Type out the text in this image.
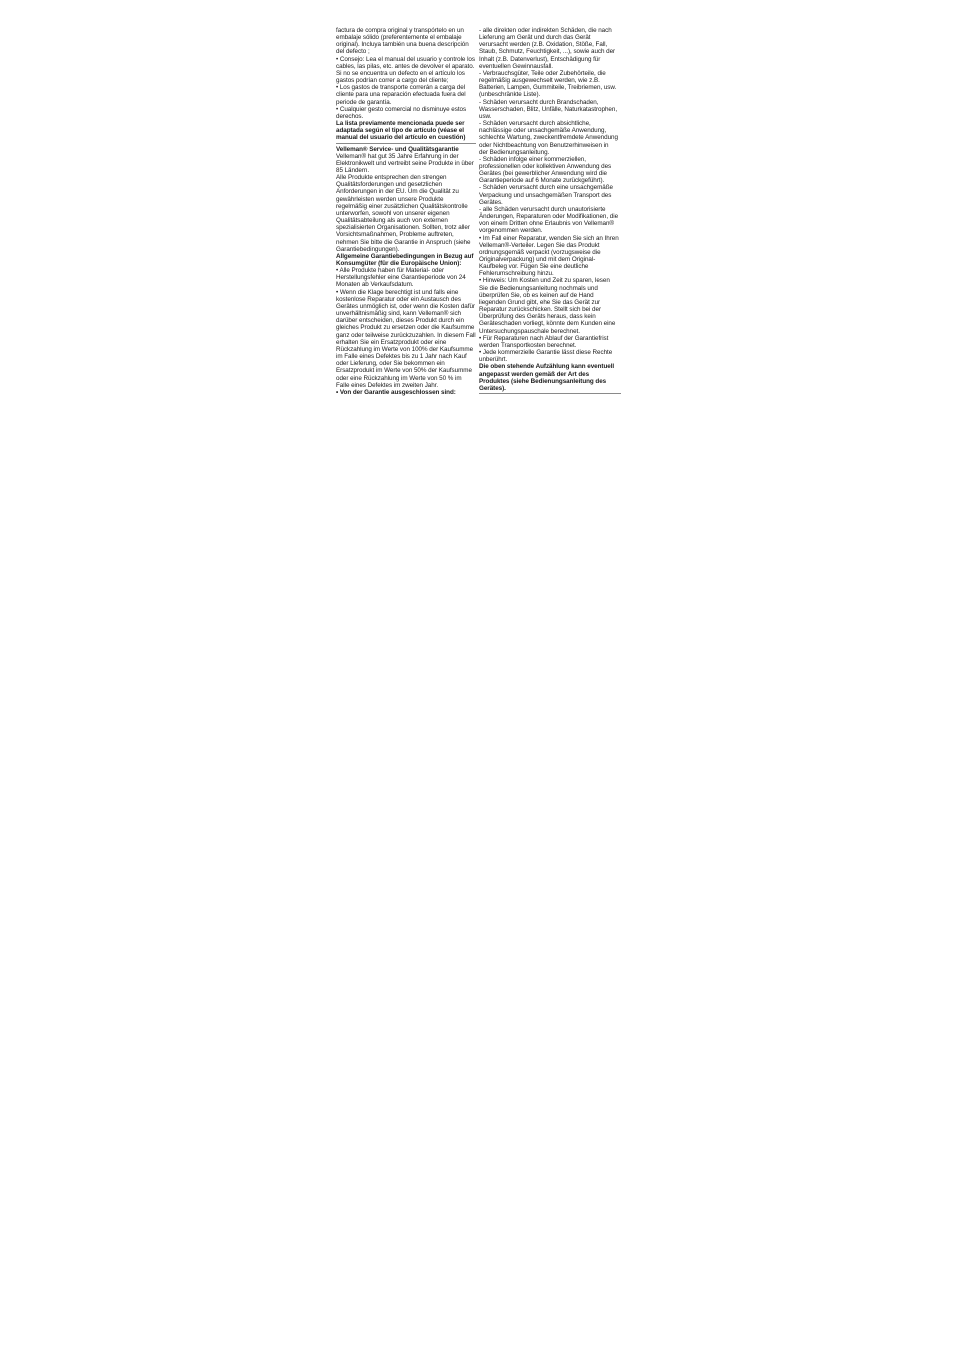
factura de compra original y transpórtelo en un embalaje sólido (preferentemente el embalaje original). Incluya también una buena descripción del defecto ;

• Consejo: Lea el manual del usuario y controle los cables, las pilas, etc. antes de devolver el aparato. Si no se encuentra un defecto en el artículo los gastos podrían correr a cargo del cliente;

• Los gastos de transporte correrán a carga del cliente para una reparación efectuada fuera del periode de garantía.

• Cualquier gesto comercial no disminuye estos derechos.

La lista previamente mencionada puede ser adaptada según el tipo de artículo (véase el manual del usuario del artículo en cuestión)

Velleman® Service- und Qualitätsgarantie

Velleman® hat gut 35 Jahre Erfahrung in der Elektronikwelt und vertreibt seine Produkte in über 85 Ländern.

Alle Produkte entsprechen den strengen Qualitätsforderungen und gesetzlichen Anforderungen in der EU. Um die Qualität zu gewährleisten werden unsere Produkte regelmäßig einer zusätzlichen Qualitätskontrolle unterworfen, sowohl von unserer eigenen Qualitätsabteilung als auch von externen spezialisierten Organisationen. Sollten, trotz aller Vorsichtsmaßnahmen, Probleme auftreten, nehmen Sie bitte die Garantie in Anspruch (siehe Garantiebedingungen).

Allgemeine Garantiebedingungen in Bezug auf Konsumgüter (für die Europäische Union):

• Alle Produkte haben für Material- oder Herstellungsfehler eine Garantieperiode von 24 Monaten ab Verkaufsdatum.

• Wenn die Klage berechtigt ist und falls eine kostenlose Reparatur oder ein Austausch des Gerätes unmöglich ist, oder wenn die Kosten dafür unverhältnismäßig sind, kann Velleman® sich darüber entscheiden, dieses Produkt durch ein gleiches Produkt zu ersetzen oder die Kaufsumme ganz oder teilweise zurückzuzahlen. In diesem Fall erhalten Sie ein Ersatzprodukt oder eine Rückzahlung im Werte von 100% der Kaufsumme im Falle eines Defektes bis zu 1 Jahr nach Kauf oder Lieferung, oder Sie bekommen ein Ersatzprodukt im Werte von 50% der Kaufsumme oder eine Rückzahlung im Werte von 50 % im Falle eines Defektes im zweiten Jahr.

• Von der Garantie ausgeschlossen sind:

- alle direkten oder indirekten Schäden, die nach Lieferung am Gerät und durch das Gerät verursacht werden (z.B. Oxidation, Stöße, Fall, Staub, Schmutz, Feuchtigkeit, ...), sowie auch der Inhalt (z.B. Datenverlust), Entschädigung für eventuellen Gewinnausfall.

- Verbrauchsgüter, Teile oder Zubehörteile, die regelmäßig ausgewechselt werden, wie z.B. Batterien, Lampen, Gummiteile, Treibriemen, usw. (unbeschränkte Liste).

- Schäden verursacht durch Brandschaden, Wasserschaden, Blitz, Unfälle, Naturkatastrophen, usw.

- Schäden verursacht durch absichtliche, nachlässige oder unsachgemäße Anwendung, schlechte Wartung, zweckentfremdete Anwendung oder Nichtbeachtung von Benutzerhinweisen in der Bedienungsanleitung.

- Schäden infolge einer kommerziellen, professionellen oder kollektiven Anwendung des Gerätes (bei gewerblicher Anwendung wird die Garantieperiode auf 6 Monate zurückgeführt).

- Schäden verursacht durch eine unsachgemäße Verpackung und unsachgemäßen Transport des Gerätes.

- alle Schäden verursacht durch unautorisierte Änderungen, Reparaturen oder Modifikationen, die von einem Dritten ohne Erlaubnis von Velleman® vorgenommen werden.

• Im Fall einer Reparatur, wenden Sie sich an Ihren Velleman®-Verteiler. Legen Sie das Produkt ordnungsgemäß verpackt (vorzugsweise die Originalverpackung) und mit dem Original-Kaufbeleg vor. Fügen Sie eine deutliche Fehlerumschreibung hinzu.

• Hinweis: Um Kosten und Zeit zu sparen, lesen Sie die Bedienungsanleitung nochmals und überprüfen Sie, ob es keinen auf de Hand liegenden Grund gibt, ehe Sie das Gerät zur Reparatur zurückschicken. Stellt sich bei der Überprüfung des Geräts heraus, dass kein Geräteschaden vorliegt, könnte dem Kunden eine Untersuchungspauschale berechnet.

• Für Reparaturen nach Ablauf der Garantiefrist werden Transportkosten berechnet.

• Jede kommerzielle Garantie lässt diese Rechte unberührt.

Die oben stehende Aufzählung kann eventuell angepasst werden gemäß der Art des Produktes (siehe Bedienungsanleitung des Gerätes).
